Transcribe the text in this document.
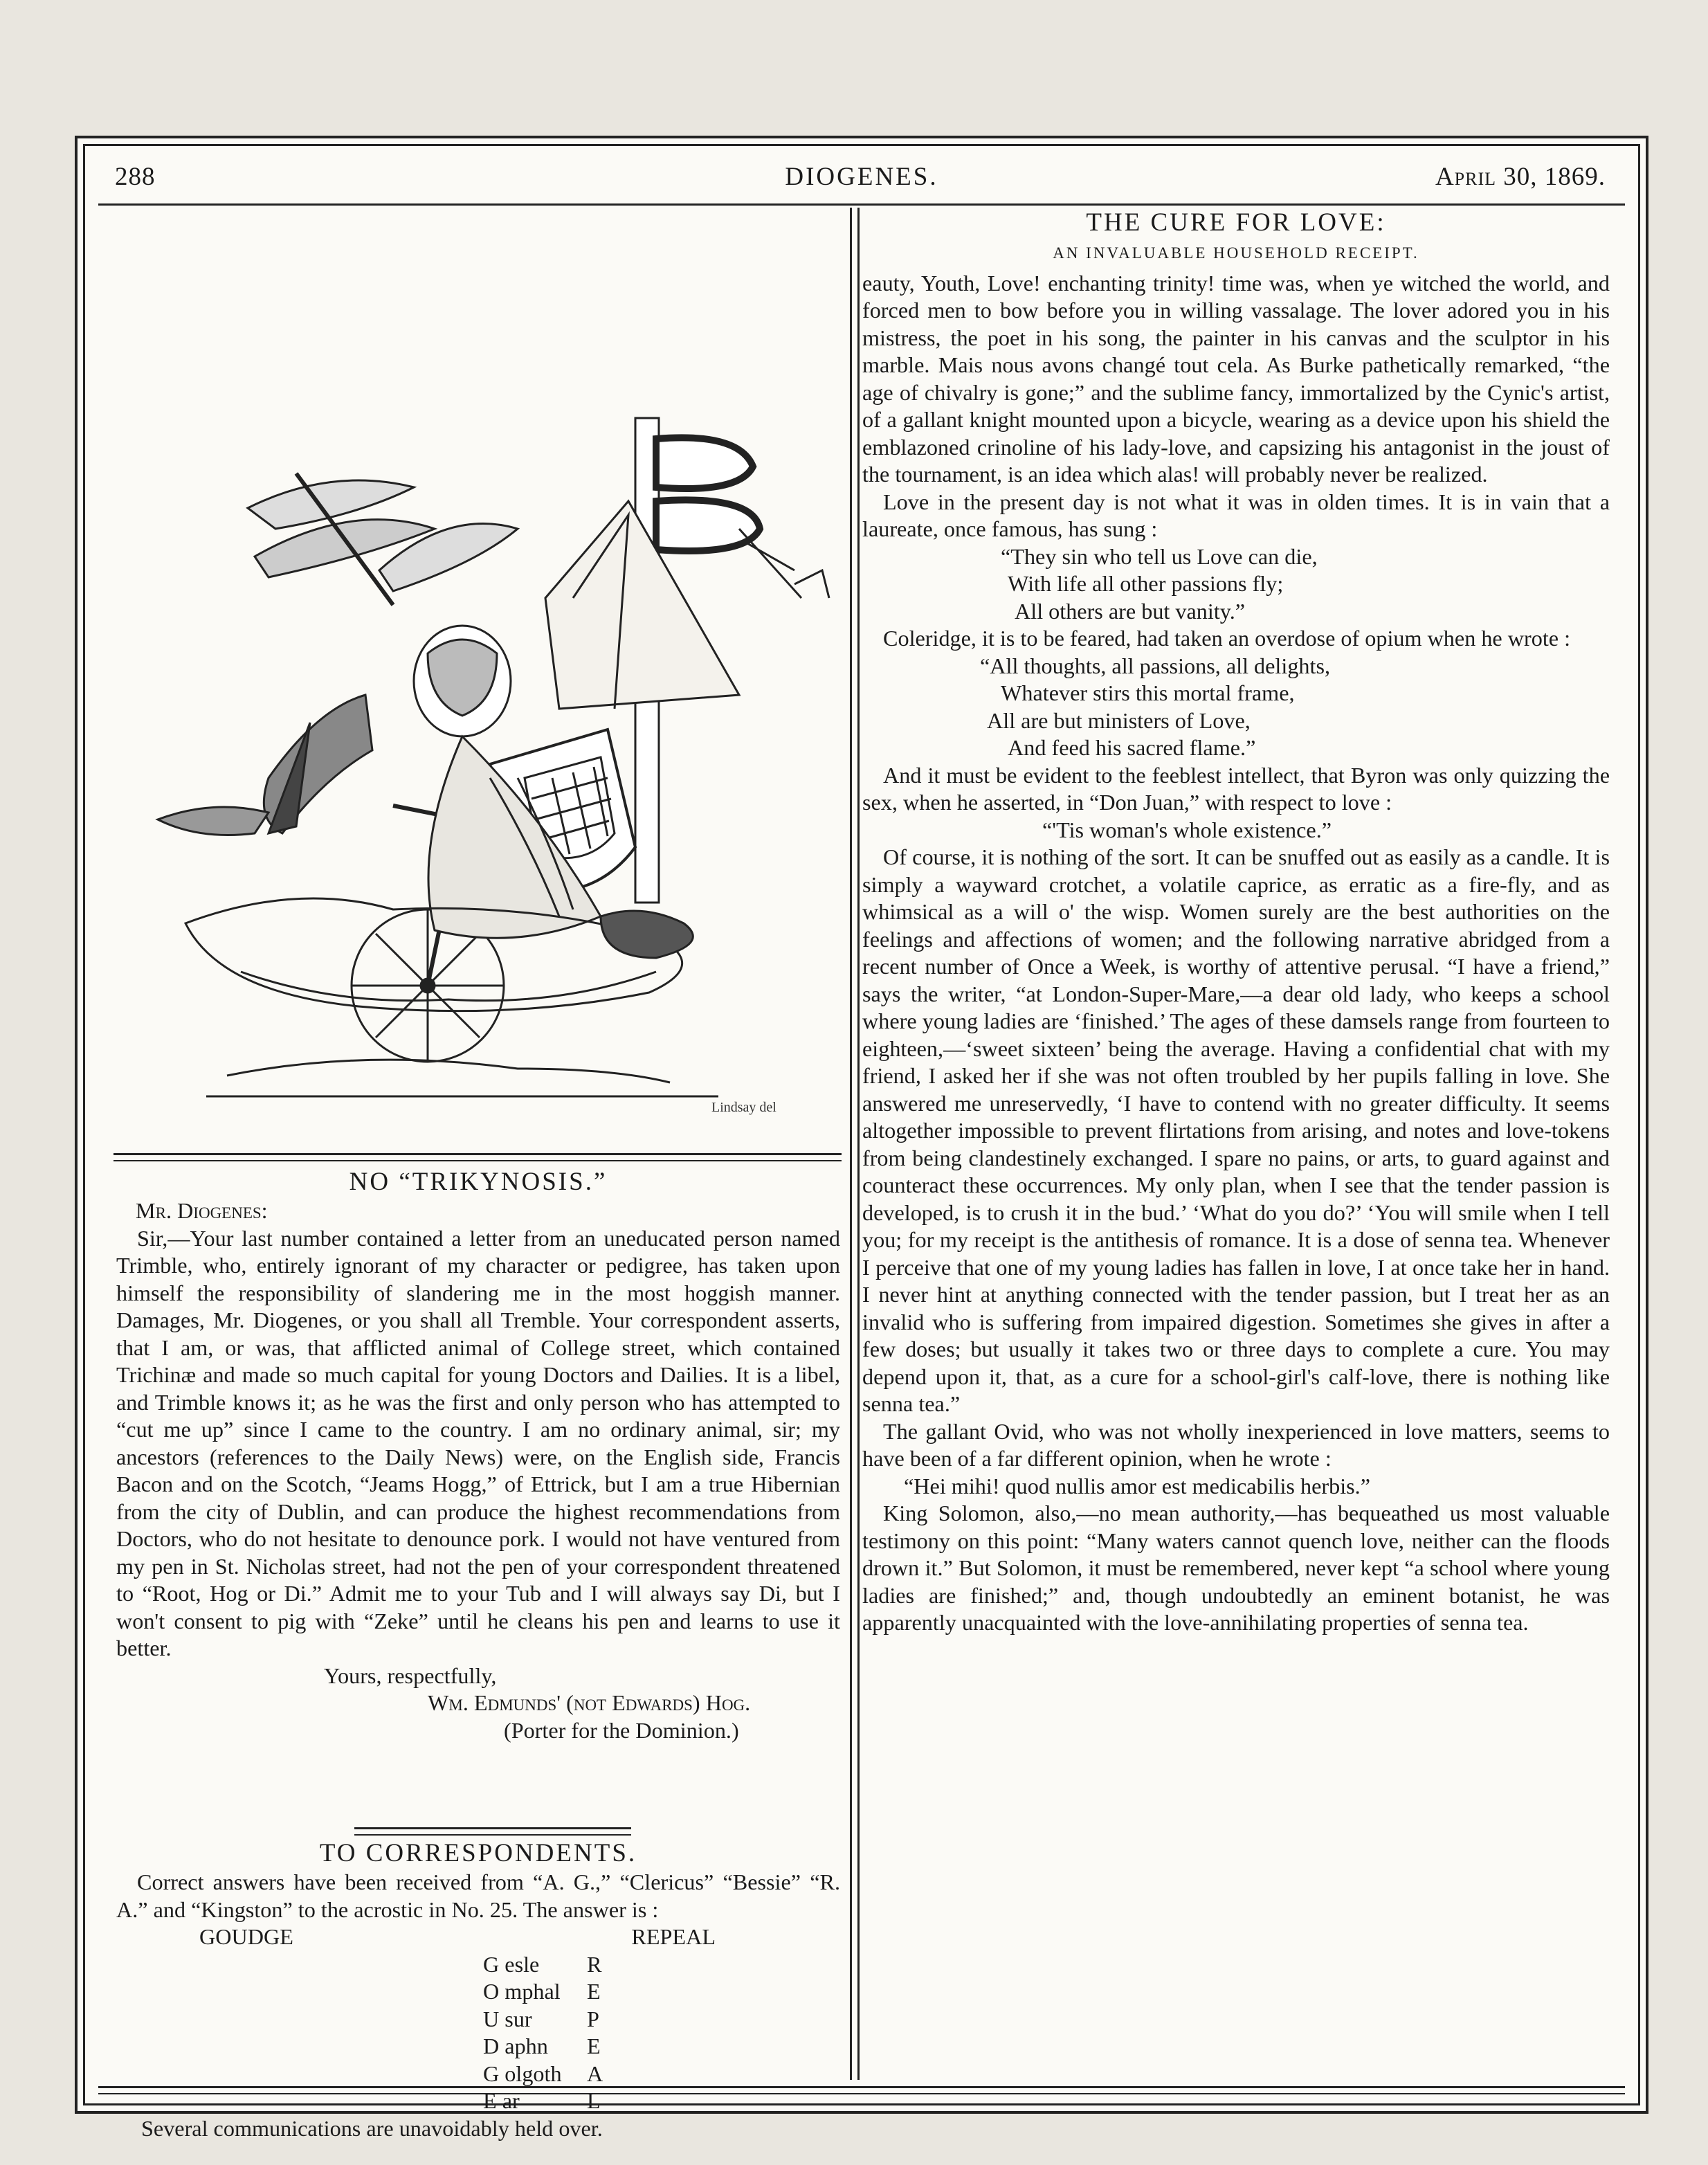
288	DIOGENES.	April 30, 1869.
Lindsay del
NO “TRIKYNOSIS.”

Mr. Diogenes:

Sir,—Your last number contained a letter from an uneducated person named Trimble, who, entirely ignorant of my character or pedigree, has taken upon himself the responsibility of slandering me in the most hoggish manner. Damages, Mr. Diogenes, or you shall all Tremble. Your correspondent asserts, that I am, or was, that afflicted animal of College street, which contained Trichinæ and made so much capital for young Doctors and Dailies. It is a libel, and Trimble knows it; as he was the first and only person who has attempted to “cut me up” since I came to the country. I am no ordinary animal, sir; my ancestors (references to the Daily News) were, on the English side, Francis Bacon and on the Scotch, “Jeams Hogg,” of Ettrick, but I am a true Hibernian from the city of Dublin, and can produce the highest recommendations from Doctors, who do not hesitate to denounce pork. I would not have ventured from my pen in St. Nicholas street, had not the pen of your correspondent threatened to “Root, Hog or Di.” Admit me to your Tub and I will always say Di, but I won't consent to pig with “Zeke” until he cleans his pen and learns to use it better.

Yours, respectfully,

Wm. Edmunds' (not Edwards) Hog.

(Porter for the Dominion.)

TO CORRESPONDENTS.

Correct answers have been received from “A. G.,” “Clericus” “Bessie” “R. A.” and “Kingston” to the acrostic in No. 25. The answer is :

GOUDGE	REPEAL
G esle	R
O mphal	E
U sur	P
D aphn	E
G olgoth	A
E ar	L

Several communications are unavoidably held over.

THE CURE FOR LOVE:
AN INVALUABLE HOUSEHOLD RECEIPT.

eauty, Youth, Love! enchanting trinity! time was, when ye witched the world, and forced men to bow before you in willing vassalage. The lover adored you in his mistress, the poet in his song, the painter in his canvas and the sculptor in his marble. Mais nous avons changé tout cela. As Burke pathetically remarked, “the age of chivalry is gone;” and the sublime fancy, immortalized by the Cynic's artist, of a gallant knight mounted upon a bicycle, wearing as a device upon his shield the emblazoned crinoline of his lady-love, and capsizing his antagonist in the joust of the tournament, is an idea which alas! will probably never be realized.

Love in the present day is not what it was in olden times. It is in vain that a laureate, once famous, has sung :

“They sin who tell us Love can die,
With life all other passions fly;
All others are but vanity.”

Coleridge, it is to be feared, had taken an overdose of opium when he wrote :

“All thoughts, all passions, all delights,
Whatever stirs this mortal frame,
All are but ministers of Love,
And feed his sacred flame.”

And it must be evident to the feeblest intellect, that Byron was only quizzing the sex, when he asserted, in “Don Juan,” with respect to love :

“'Tis woman's whole existence.”

Of course, it is nothing of the sort. It can be snuffed out as easily as a candle. It is simply a wayward crotchet, a volatile caprice, as erratic as a fire-fly, and as whimsical as a will o' the wisp. Women surely are the best authorities on the feelings and affections of women; and the following narrative abridged from a recent number of Once a Week, is worthy of attentive perusal. “I have a friend,” says the writer, “at London-Super-Mare,—a dear old lady, who keeps a school where young ladies are ‘finished.’ The ages of these damsels range from fourteen to eighteen,—‘sweet sixteen’ being the average. Having a confidential chat with my friend, I asked her if she was not often troubled by her pupils falling in love. She answered me unreservedly, ‘I have to contend with no greater difficulty. It seems altogether impossible to prevent flirtations from arising, and notes and love-tokens from being clandestinely exchanged. I spare no pains, or arts, to guard against and counteract these occurrences. My only plan, when I see that the tender passion is developed, is to crush it in the bud.’ ‘What do you do?’ ‘You will smile when I tell you; for my receipt is the antithesis of romance. It is a dose of senna tea. Whenever I perceive that one of my young ladies has fallen in love, I at once take her in hand. I never hint at anything connected with the tender passion, but I treat her as an invalid who is suffering from impaired digestion. Sometimes she gives in after a few doses; but usually it takes two or three days to complete a cure. You may depend upon it, that, as a cure for a school-girl's calf-love, there is nothing like senna tea.”

The gallant Ovid, who was not wholly inexperienced in love matters, seems to have been of a far different opinion, when he wrote :

“Hei mihi! quod nullis amor est medicabilis herbis.”

King Solomon, also,—no mean authority,—has bequeathed us most valuable testimony on this point: “Many waters cannot quench love, neither can the floods drown it.” But Solomon, it must be remembered, never kept “a school where young ladies are finished;” and, though undoubtedly an eminent botanist, he was apparently unacquainted with the love-annihilating properties of senna tea.
